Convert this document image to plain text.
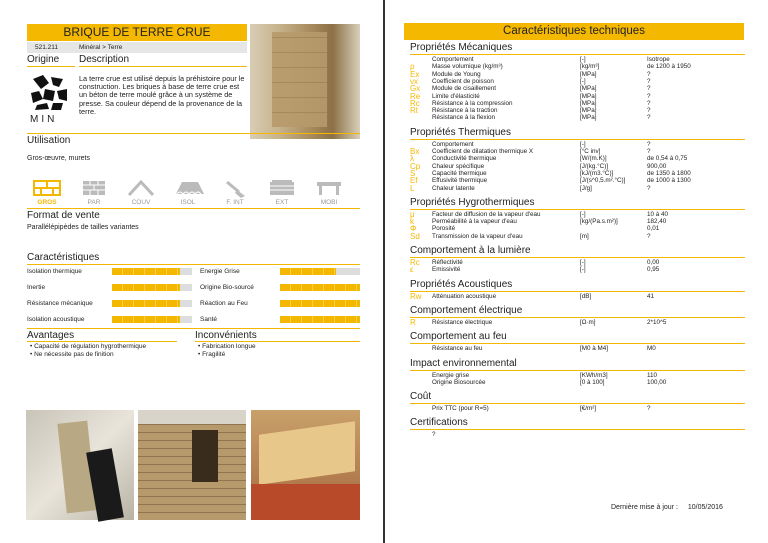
BRIQUE DE TERRE CRUE
521.211	Minéral > Terre
Origine Description
MIN
La terre crue est utilisé depuis la préhistoire pour le construction. Les briques à base de terre crue est un béton de terre moulé grâce à un système de presse. Sa couleur dépend de la provenance de la terre.
Utilisation
Gros-œuvre, murets
GROS	PAR	COUV	ISOL	F. INT	EXT	MOBI
Format de vente
Parallélépipèdes de tailles variantes
Caractéristiques
Isolation thermique
Inertie
Résistance mécanique
Isolation acoustique
Energie Grise
Origine Bio-sourcé
Réaction au Feu
Santé
Avantages	Inconvénients
• Capacité de régulation hygrothermique
• Ne nécessite pas de finition
• Fabrication longue
• Fragilité
Caractéristiques techniques
Propriétés Mécaniques
Comportement	[-]	Isotrope
ρ	Masse volumique (kg/m³)	[kg/m³]	de 1200 à 1950
Ex Module de Young	[MPa]	?
νx Coefficient de poisson	[-]	?
Gx Module de cisaillement	[MPa]	?
Re Limite d'élasticité	[MPa]	?
Rc Résistance à la compression	[MPa]	?
Rt Résistance à la traction	[MPa]	?
Résistance à la flexion	[MPa]	?
Propriétés Thermiques
Comportement	[-]	?
Bx Coefficient de dilatation thermique X	[°C inv]	?
λ	Conductivité thermique	[W/(m.K)]	de 0,54 à 0,75
Cp Chaleur spécifique	[J/(kg.°C)]	900,00
S	Capacité thermique	[kJ/(m3.°C)]	de 1350 à 1800
Ef Effusivité thermique	[J/(s^0,5.m².°C)]	de 1000 à 1300
L	Chaleur latente	[J/g]	?
Propriétés Hygrothermiques
μ	Facteur de diffusion de la vapeur d'eau	[-]	10 à 40
k	Perméabilité à la vapeur d'eau	[kg/(Pa.s.m²)]	182,40
Φ Porosité	0,01
Sd Transmission de la vapeur d'eau	[m]	?
Comportement à la lumière
Rc Réflectivité	[-]	0,00
ε	Emissivité	[-]	0,95
Propriétés Acoustiques
Rw Atténuation acoustique	[dB]	41
Comportement électrique
R	Résistance électrique	[Ω·m]	2*10^5
Comportement au feu
Résistance au feu	[M0 à M4]	M0
Impact environnemental
Energie grise	[KWh/m3]	110
Origine Biosourcée	[0 à 100]	100,00
Coût
Prix TTC (pour R=5)	[€/m²]	?
Certifications
?
Dernière mise à jour : 10/05/2016
